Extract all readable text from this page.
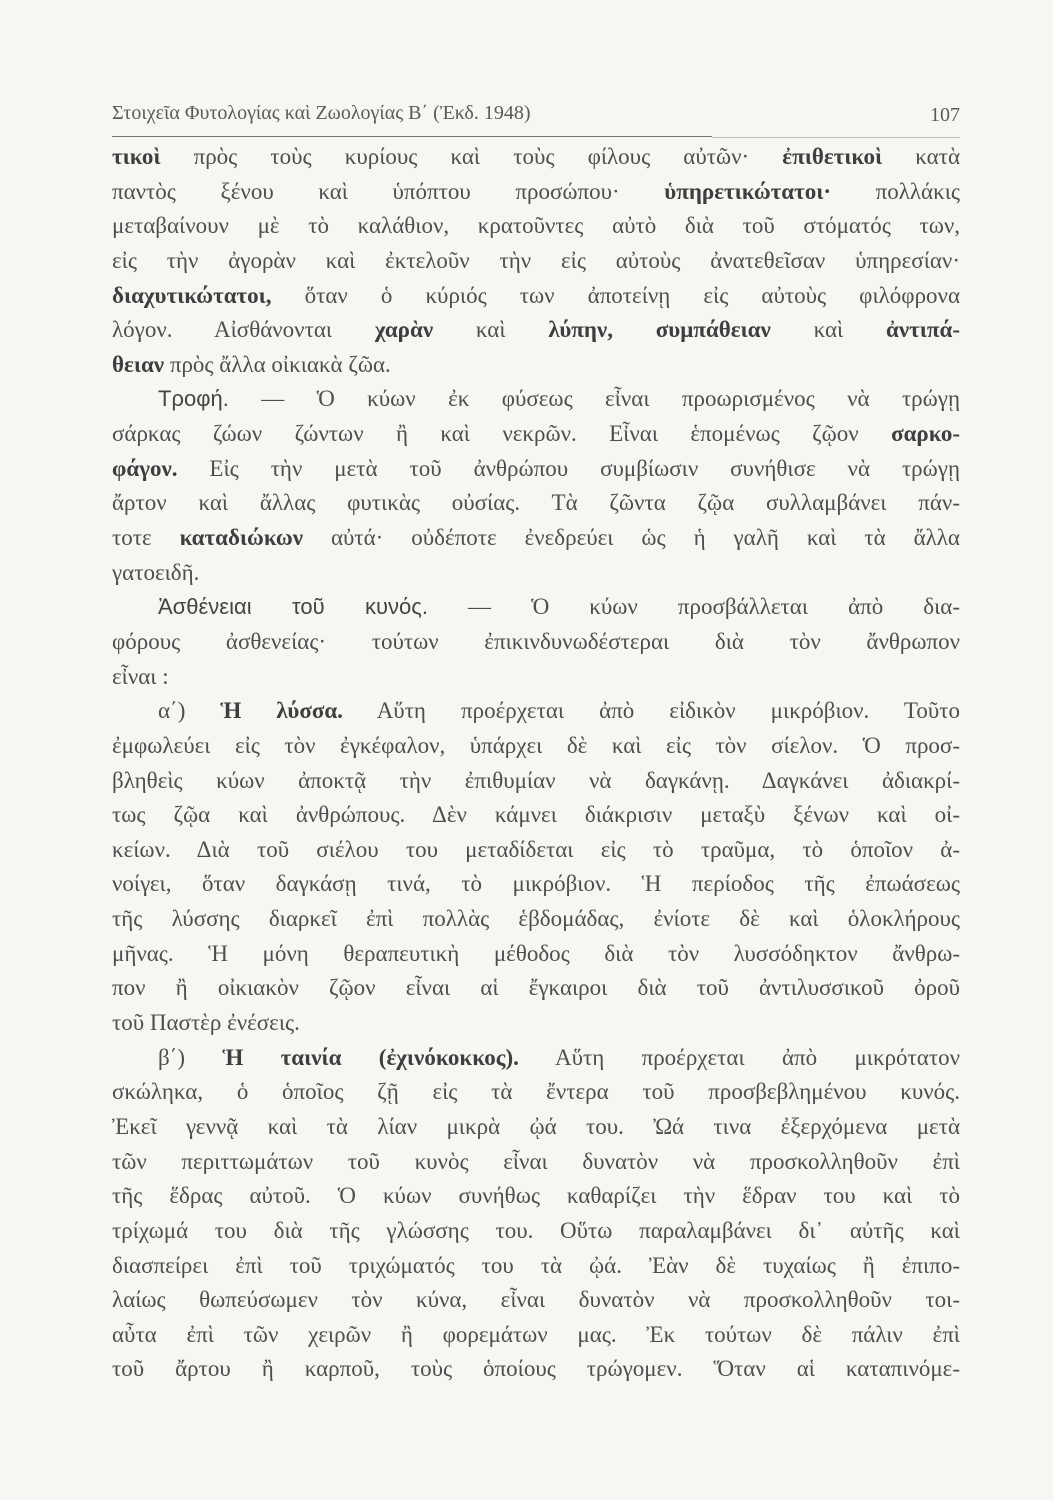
Στοιχεῖα Φυτολογίας καὶ Ζωολογίας Β΄ (Ἐκδ. 1948)	107
τικοὶ πρὸς τοὺς κυρίους καὶ τοὺς φίλους αὐτῶν· ἐπιθετικοὶ κατὰ
παντὸς ξένου καὶ ὑπόπτου προσώπου· ὑπηρετικώτατοι· πολλάκις
μεταβαίνουν μὲ τὸ καλάθιον, κρατοῦντες αὐτὸ διὰ τοῦ στόματός των,
εἰς τὴν ἀγορὰν καὶ ἐκτελοῦν τὴν εἰς αὐτοὺς ἀνατεθεῖσαν ὑπηρεσίαν·
διαχυτικώτατοι, ὅταν ὁ κύριός των ἀποτείνῃ εἰς αὐτοὺς φιλόφρονα
λόγον. Αἰσθάνονται χαρὰν καὶ λύπην, συμπάθειαν καὶ ἀντιπά-
θειαν πρὸς ἄλλα οἰκιακὰ ζῶα.
Τροφή. — Ὁ κύων ἐκ φύσεως εἶναι προωρισμένος νὰ τρώγῃ
σάρκας ζώων ζώντων ἢ καὶ νεκρῶν. Εἶναι ἑπομένως ζῷον σαρκο-
φάγον. Εἰς τὴν μετὰ τοῦ ἀνθρώπου συμβίωσιν συνήθισε νὰ τρώγῃ
ἄρτον καὶ ἄλλας φυτικὰς οὐσίας. Τὰ ζῶντα ζῷα συλλαμβάνει πάν-
τοτε καταδιώκων αὐτά· οὐδέποτε ἐνεδρεύει ὡς ἡ γαλῆ καὶ τὰ ἄλλα
γατοειδῆ.
Ἀσθένειαι τοῦ κυνός. — Ὁ κύων προσβάλλεται ἀπὸ δια-
φόρους ἀσθενείας· τούτων ἐπικινδυνωδέστεραι διὰ τὸν ἄνθρωπον
εἶναι :
α΄) Ἡ λύσσα. Αὕτη προέρχεται ἀπὸ εἰδικὸν μικρόβιον. Τοῦτο
ἐμφωλεύει εἰς τὸν ἐγκέφαλον, ὑπάρχει δὲ καὶ εἰς τὸν σίελον. Ὁ προσ-
βληθεὶς κύων ἀποκτᾷ τὴν ἐπιθυμίαν νὰ δαγκάνῃ. Δαγκάνει ἀδιακρί-
τως ζῷα καὶ ἀνθρώπους. Δὲν κάμνει διάκρισιν μεταξὺ ξένων καὶ οἰ-
κείων. Διὰ τοῦ σιέλου του μεταδίδεται εἰς τὸ τραῦμα, τὸ ὁποῖον ἀ-
νοίγει, ὅταν δαγκάσῃ τινά, τὸ μικρόβιον. Ἡ περίοδος τῆς ἐπωάσεως
τῆς λύσσης διαρκεῖ ἐπὶ πολλὰς ἑβδομάδας, ἐνίοτε δὲ καὶ ὁλοκλήρους
μῆνας. Ἡ μόνη θεραπευτικὴ μέθοδος διὰ τὸν λυσσόδηκτον ἄνθρω-
πον ἢ οἰκιακὸν ζῷον εἶναι αἱ ἔγκαιροι διὰ τοῦ ἀντιλυσσικοῦ ὀροῦ
τοῦ Παστὲρ ἐνέσεις.
β΄) Ἡ ταινία (ἐχινόκοκκος). Αὕτη προέρχεται ἀπὸ μικρότατον
σκώληκα, ὁ ὁποῖος ζῇ εἰς τὰ ἔντερα τοῦ προσβεβλημένου κυνός.
Ἐκεῖ γεννᾷ καὶ τὰ λίαν μικρὰ ᾠά του. Ὠά τινα ἐξερχόμενα μετὰ
τῶν περιττωμάτων τοῦ κυνὸς εἶναι δυνατὸν νὰ προσκολληθοῦν ἐπὶ
τῆς ἕδρας αὐτοῦ. Ὁ κύων συνήθως καθαρίζει τὴν ἕδραν του καὶ τὸ
τρίχωμά του διὰ τῆς γλώσσης του. Οὕτω παραλαμβάνει δι᾿ αὐτῆς καὶ
διασπείρει ἐπὶ τοῦ τριχώματός του τὰ ᾠά. Ἐὰν δὲ τυχαίως ἢ ἐπιπο-
λαίως θωπεύσωμεν τὸν κύνα, εἶναι δυνατὸν νὰ προσκολληθοῦν τοι-
αὖτα ἐπὶ τῶν χειρῶν ἢ φορεμάτων μας. Ἐκ τούτων δὲ πάλιν ἐπὶ
τοῦ ἄρτου ἢ καρποῦ, τοὺς ὁποίους τρώγομεν. Ὅταν αἱ καταπινόμε-
